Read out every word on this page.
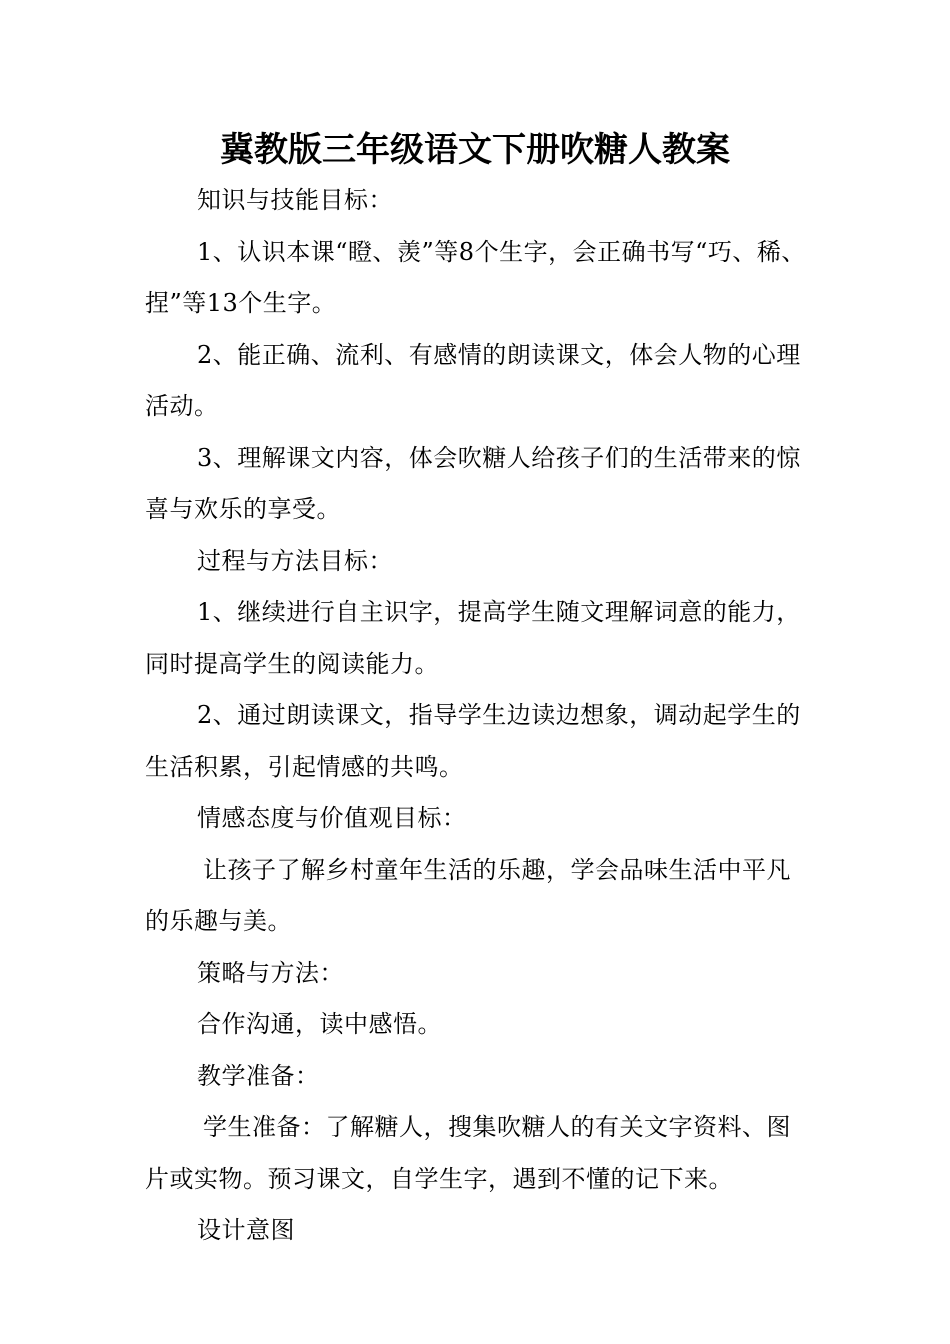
冀教版三年级语文下册吹糖人教案

知识与技能目标：

1、认识本课“瞪、羡”等8个生字，会正确书写“巧、稀、捏”等13个生字。

2、能正确、流利、有感情的朗读课文，体会人物的心理活动。

3、理解课文内容，体会吹糖人给孩子们的生活带来的惊喜与欢乐的享受。

过程与方法目标：

1、继续进行自主识字，提高学生随文理解词意的能力，同时提高学生的阅读能力。

2、通过朗读课文，指导学生边读边想象，调动起学生的生活积累，引起情感的共鸣。

情感态度与价值观目标：

让孩子了解乡村童年生活的乐趣，学会品味生活中平凡的乐趣与美。

策略与方法：

合作沟通，读中感悟。

教学准备：

学生准备：了解糖人，搜集吹糖人的有关文字资料、图片或实物。预习课文，自学生字，遇到不懂的记下来。

设计意图
